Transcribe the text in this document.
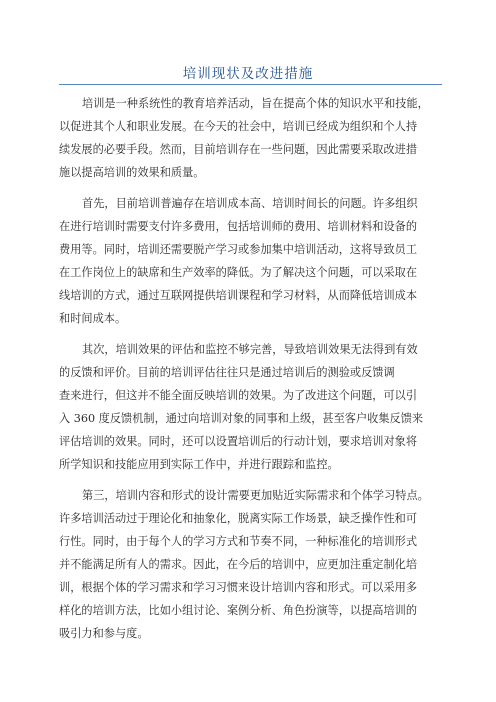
培训现状及改进措施
培训是一种系统性的教育培养活动，旨在提高个体的知识水平和技能，
以促进其个人和职业发展。在今天的社会中，培训已经成为组织和个人持
续发展的必要手段。然而，目前培训存在一些问题，因此需要采取改进措
施以提高培训的效果和质量。
首先，目前培训普遍存在培训成本高、培训时间长的问题。许多组织
在进行培训时需要支付许多费用，包括培训师的费用、培训材料和设备的
费用等。同时，培训还需要脱产学习或参加集中培训活动，这将导致员工
在工作岗位上的缺席和生产效率的降低。为了解决这个问题，可以采取在
线培训的方式，通过互联网提供培训课程和学习材料，从而降低培训成本
和时间成本。
其次，培训效果的评估和监控不够完善，导致培训效果无法得到有效
的反馈和评价。目前的培训评估往往只是通过培训后的测验或反馈调
查来进行，但这并不能全面反映培训的效果。为了改进这个问题，可以引
入 360 度反馈机制，通过向培训对象的同事和上级，甚至客户收集反馈来
评估培训的效果。同时，还可以设置培训后的行动计划，要求培训对象将
所学知识和技能应用到实际工作中，并进行跟踪和监控。
第三，培训内容和形式的设计需要更加贴近实际需求和个体学习特点。
许多培训活动过于理论化和抽象化，脱离实际工作场景，缺乏操作性和可
行性。同时，由于每个人的学习方式和节奏不同，一种标准化的培训形式
并不能满足所有人的需求。因此，在今后的培训中，应更加注重定制化培
训，根据个体的学习需求和学习习惯来设计培训内容和形式。可以采用多
样化的培训方法，比如小组讨论、案例分析、角色扮演等，以提高培训的
吸引力和参与度。
